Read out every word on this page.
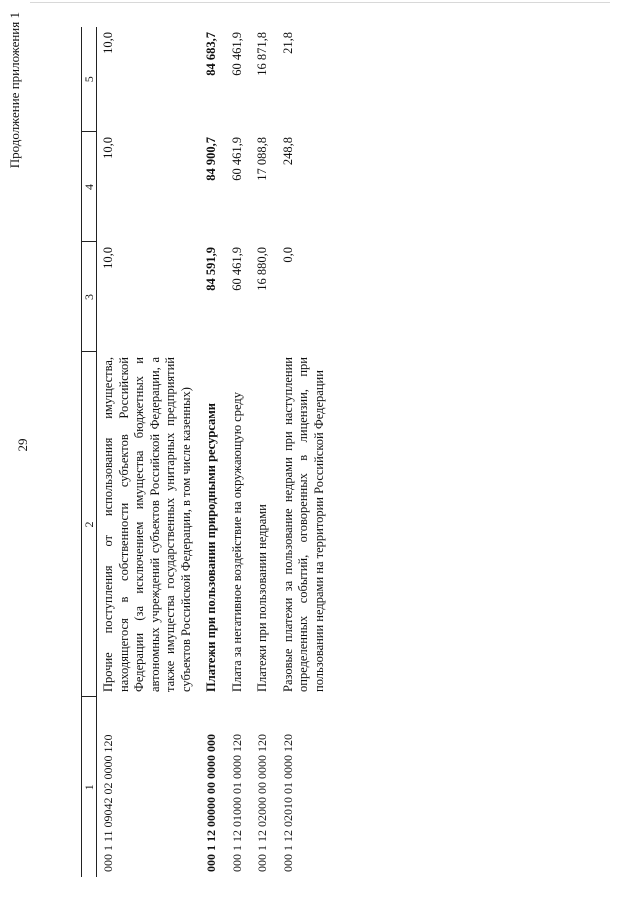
29
Продолжение приложения 1
1	2	3	4	5
000 1 11 09042 02 0000 120	Прочие поступления от использования имущества, находящегося в собственности субъектов Российской Федерации (за исключением имущества бюджетных и автономных учреждений субъектов Российской Федерации, а также имущества государственных унитарных предприятий субъектов Российской Федерации, в том числе казенных)	10,0	10,0	10,0
000 1 12 00000 00 0000 000	Платежи при пользовании природными ресурсами	84 591,9	84 900,7	84 683,7
000 1 12 01000 01 0000 120	Плата за негативное воздействие на окружающую среду	60 461,9	60 461,9	60 461,9
000 1 12 02000 00 0000 120	Платежи при пользовании недрами	16 880,0	17 088,8	16 871,8
000 1 12 02010 01 0000 120	Разовые платежи за пользование недрами при наступлении определенных событий, оговоренных в лицензии, при пользовании недрами на территории Российской Федерации	0,0	248,8	21,8
